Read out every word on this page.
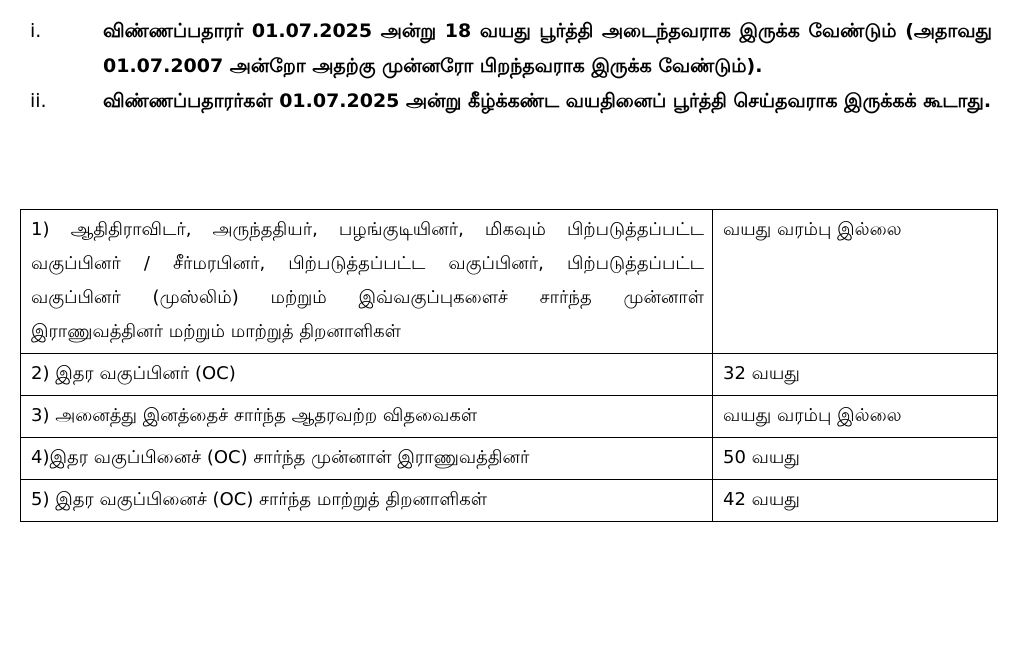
i.	விண்ணப்பதாரர் 01.07.2025 அன்று 18 வயது பூர்த்தி அடைந்தவராக இருக்க வேண்டும் (அதாவது 01.07.2007 அன்றோ அதற்கு முன்னரோ பிறந்தவராக இருக்க வேண்டும்).
ii.	விண்ணப்பதாரர்கள் 01.07.2025 அன்று கீழ்க்கண்ட வயதினைப் பூர்த்தி செய்தவராக இருக்கக் கூடாது.
1) ஆதிதிராவிடர், அருந்ததியர், பழங்குடியினர், மிகவும் பிற்படுத்தப்பட்ட வகுப்பினர் / சீர்மரபினர், பிற்படுத்தப்பட்ட வகுப்பினர், பிற்படுத்தப்பட்ட வகுப்பினர் (முஸ்லிம்) மற்றும் இவ்வகுப்புகளைச் சார்ந்த முன்னாள் இராணுவத்தினர் மற்றும் மாற்றுத் திறனாளிகள்	வயது வரம்பு இல்லை
2) இதர வகுப்பினர் (OC)	32 வயது
3) அனைத்து இனத்தைச் சார்ந்த ஆதரவற்ற விதவைகள்	வயது வரம்பு இல்லை
4)இதர வகுப்பினைச் (OC) சார்ந்த முன்னாள் இராணுவத்தினர்	50 வயது
5) இதர வகுப்பினைச் (OC) சார்ந்த மாற்றுத் திறனாளிகள்	42 வயது
